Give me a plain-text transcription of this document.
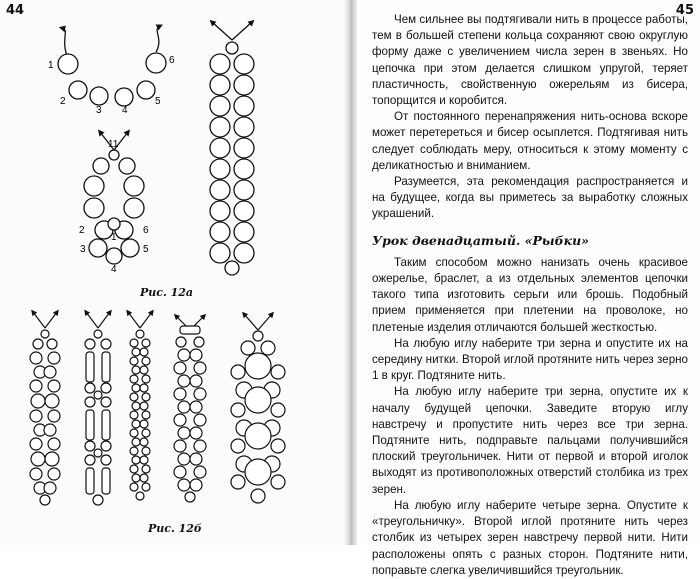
44	45
1
2
3 4
5
6
11
2
1
6
3	5
4
Рис. 12а
Рис. 12б

Чем сильнее вы подтягивали нить в процессе работы, тем в большей степени кольца сохраняют свою округлую форму даже с увеличением числа зерен в звеньях. Но цепочка при этом делается слишком упругой, теряет пластичность, свойственную ожерельям из бисера, топорщится и коробится.

От постоянного перенапряжения нить-основа вскоре может перетереться и бисер осыплется. Подтягивая нить следует соблюдать меру, относиться к этому моменту с деликатностью и вниманием.

Разумеется, эта рекомендация распространяется и на будущее, когда вы приметесь за выработку сложных украшений.

Урок двенадцатый. «Рыбки»

Таким способом можно нанизать очень красивое ожерелье, браслет, а из отдельных элементов цепочки такого типа изготовить серьги или брошь. Подобный прием применяется при плетении на проволоке, но плетеные изделия отличаются большей жесткостью.

На любую иглу наберите три зерна и опустите их на середину нитки. Второй иглой протяните нить через зерно 1 в круг. Подтяните нить.

На любую иглу наберите три зерна, опустите их к началу будущей цепочки. Заведите вторую иглу навстречу и пропустите нить через все три зерна. Подтяните нить, подправьте пальцами получившийся плоский треугольничек. Нити от первой и второй иголок выходят из противоположных отверстий столбика из трех зерен.

На любую иглу наберите четыре зерна. Опустите к «треугольничку». Второй иглой протяните нить через столбик из четырех зерен навстречу первой нити. Нити расположены опять с разных сторон. Подтяните нити, поправьте слегка увеличившийся треугольник.
